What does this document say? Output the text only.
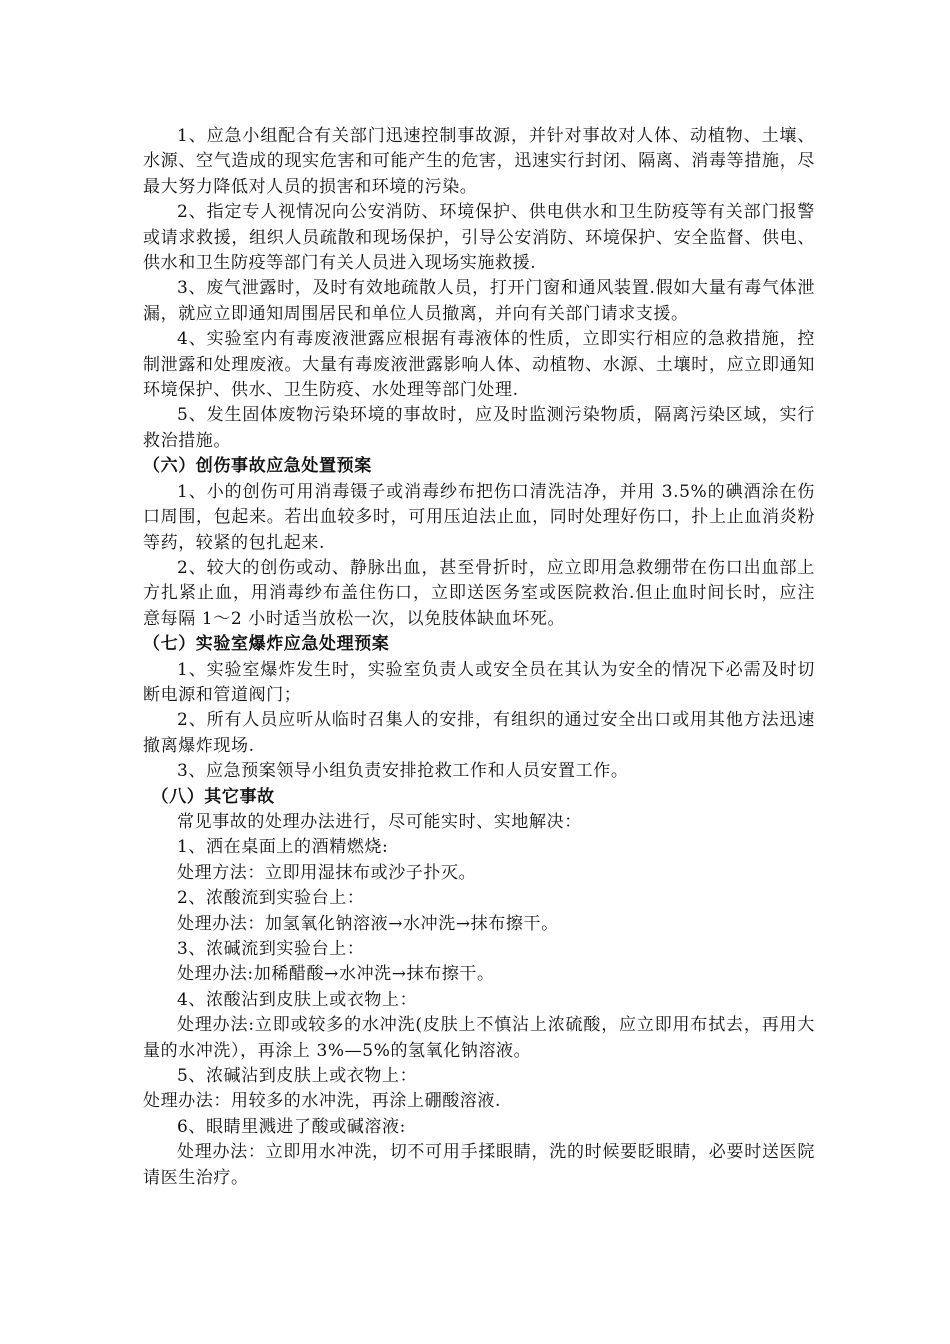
1、应急小组配合有关部门迅速控制事故源，并针对事故对人体、动植物、土壤、水源、空气造成的现实危害和可能产生的危害，迅速实行封闭、隔离、消毒等措施，尽最大努力降低对人员的损害和环境的污染。

2、指定专人视情况向公安消防、环境保护、供电供水和卫生防疫等有关部门报警或请求救援，组织人员疏散和现场保护，引导公安消防、环境保护、安全监督、供电、供水和卫生防疫等部门有关人员进入现场实施救援.

3、废气泄露时，及时有效地疏散人员，打开门窗和通风装置.假如大量有毒气体泄漏，就应立即通知周围居民和单位人员撤离，并向有关部门请求支援。

4、实验室内有毒废液泄露应根据有毒液体的性质，立即实行相应的急救措施，控制泄露和处理废液。大量有毒废液泄露影响人体、动植物、水源、土壤时，应立即通知环境保护、供水、卫生防疫、水处理等部门处理.

5、发生固体废物污染环境的事故时，应及时监测污染物质，隔离污染区域，实行救治措施。

（六）创伤事故应急处置预案

1、小的创伤可用消毒镊子或消毒纱布把伤口清洗洁净，并用 3.5%的碘酒涂在伤口周围，包起来。若出血较多时，可用压迫法止血，同时处理好伤口，扑上止血消炎粉等药，较紧的包扎起来.

2、较大的创伤或动、静脉出血，甚至骨折时，应立即用急救绷带在伤口出血部上方扎紧止血，用消毒纱布盖住伤口，立即送医务室或医院救治.但止血时间长时，应注意每隔 1～2 小时适当放松一次，以免肢体缺血坏死。

（七）实验室爆炸应急处理预案

1、实验室爆炸发生时，实验室负责人或安全员在其认为安全的情况下必需及时切断电源和管道阀门；

2、所有人员应听从临时召集人的安排，有组织的通过安全出口或用其他方法迅速撤离爆炸现场.

3、应急预案领导小组负责安排抢救工作和人员安置工作。

（八）其它事故

常见事故的处理办法进行，尽可能实时、实地解决：

1、洒在桌面上的酒精燃烧:

处理方法：立即用湿抹布或沙子扑灭。

2、浓酸流到实验台上：

处理办法：加氢氧化钠溶液→水冲洗→抹布擦干。

3、浓碱流到实验台上：

处理办法:加稀醋酸→水冲洗→抹布擦干。

4、浓酸沾到皮肤上或衣物上：

处理办法:立即或较多的水冲洗(皮肤上不慎沾上浓硫酸，应立即用布拭去，再用大量的水冲洗），再涂上 3%—5%的氢氧化钠溶液。

5、浓碱沾到皮肤上或衣物上：

处理办法：用较多的水冲洗，再涂上硼酸溶液.

6、眼睛里溅进了酸或碱溶液:

处理办法：立即用水冲洗，切不可用手揉眼睛，洗的时候要眨眼睛，必要时送医院请医生治疗。
